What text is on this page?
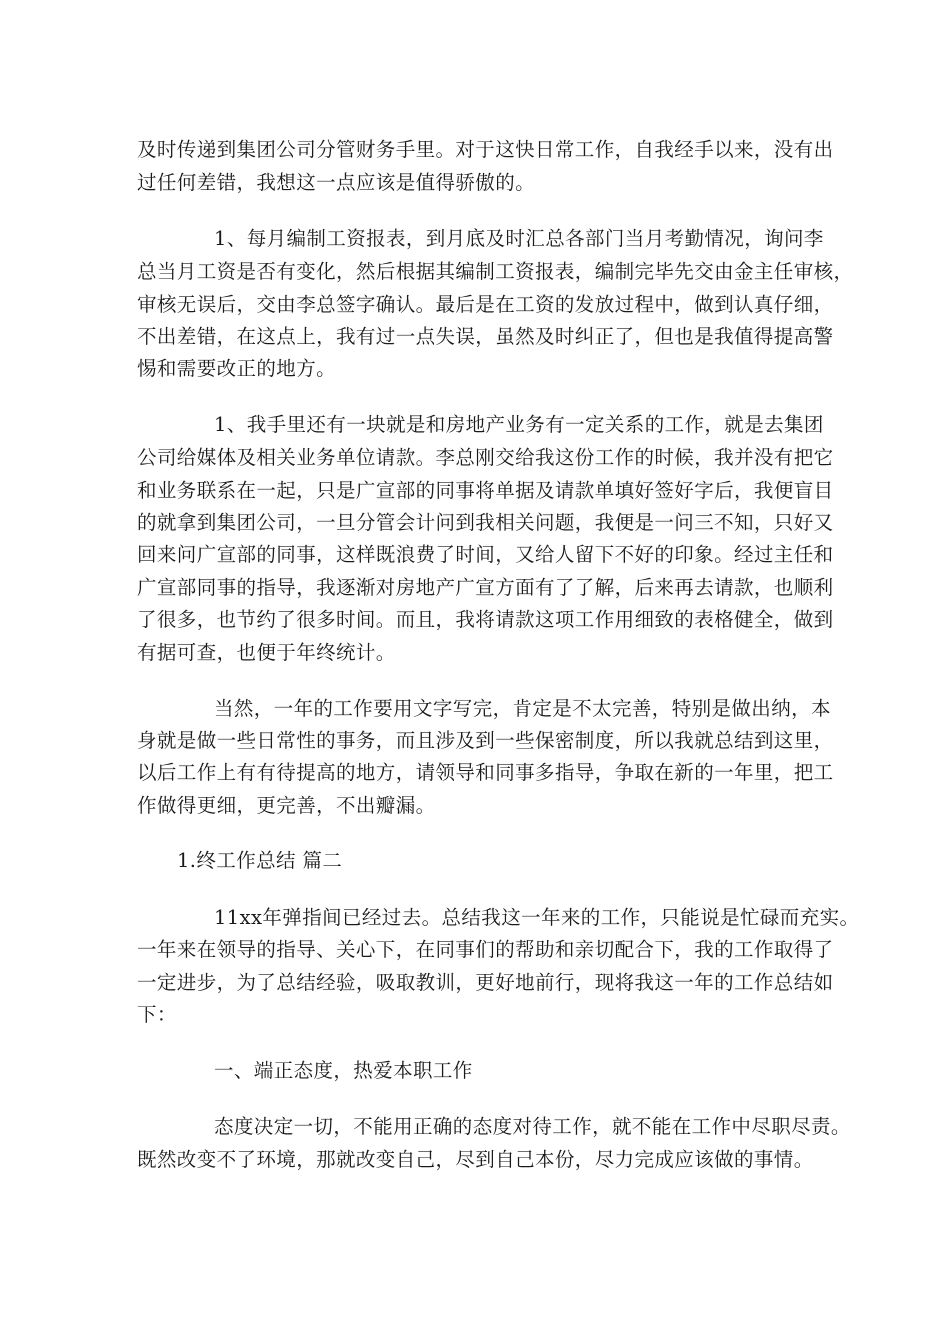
及时传递到集团公司分管财务手里。对于这快日常工作，自我经手以来，没有出
过任何差错，我想这一点应该是值得骄傲的。
1、每月编制工资报表，到月底及时汇总各部门当月考勤情况，询问李
总当月工资是否有变化，然后根据其编制工资报表，编制完毕先交由金主任审核，
审核无误后，交由李总签字确认。最后是在工资的发放过程中，做到认真仔细，
不出差错，在这点上，我有过一点失误，虽然及时纠正了，但也是我值得提高警
惕和需要改正的地方。
1、我手里还有一块就是和房地产业务有一定关系的工作，就是去集团
公司给媒体及相关业务单位请款。李总刚交给我这份工作的时候，我并没有把它
和业务联系在一起，只是广宣部的同事将单据及请款单填好签好字后，我便盲目
的就拿到集团公司，一旦分管会计问到我相关问题，我便是一问三不知，只好又
回来问广宣部的同事，这样既浪费了时间，又给人留下不好的印象。经过主任和
广宣部同事的指导，我逐渐对房地产广宣方面有了了解，后来再去请款，也顺利
了很多，也节约了很多时间。而且，我将请款这项工作用细致的表格健全，做到
有据可查，也便于年终统计。
当然，一年的工作要用文字写完，肯定是不太完善，特别是做出纳，本
身就是做一些日常性的事务，而且涉及到一些保密制度，所以我就总结到这里，
以后工作上有有待提高的地方，请领导和同事多指导，争取在新的一年里，把工
作做得更细，更完善，不出瓣漏。
1.终工作总结 篇二
11xx年弹指间已经过去。总结我这一年来的工作，只能说是忙碌而充实。
一年来在领导的指导、关心下，在同事们的帮助和亲切配合下，我的工作取得了
一定进步，为了总结经验，吸取教训，更好地前行，现将我这一年的工作总结如
下：
一、端正态度，热爱本职工作
态度决定一切，不能用正确的态度对待工作，就不能在工作中尽职尽责。
既然改变不了环境，那就改变自己，尽到自己本份，尽力完成应该做的事情。
